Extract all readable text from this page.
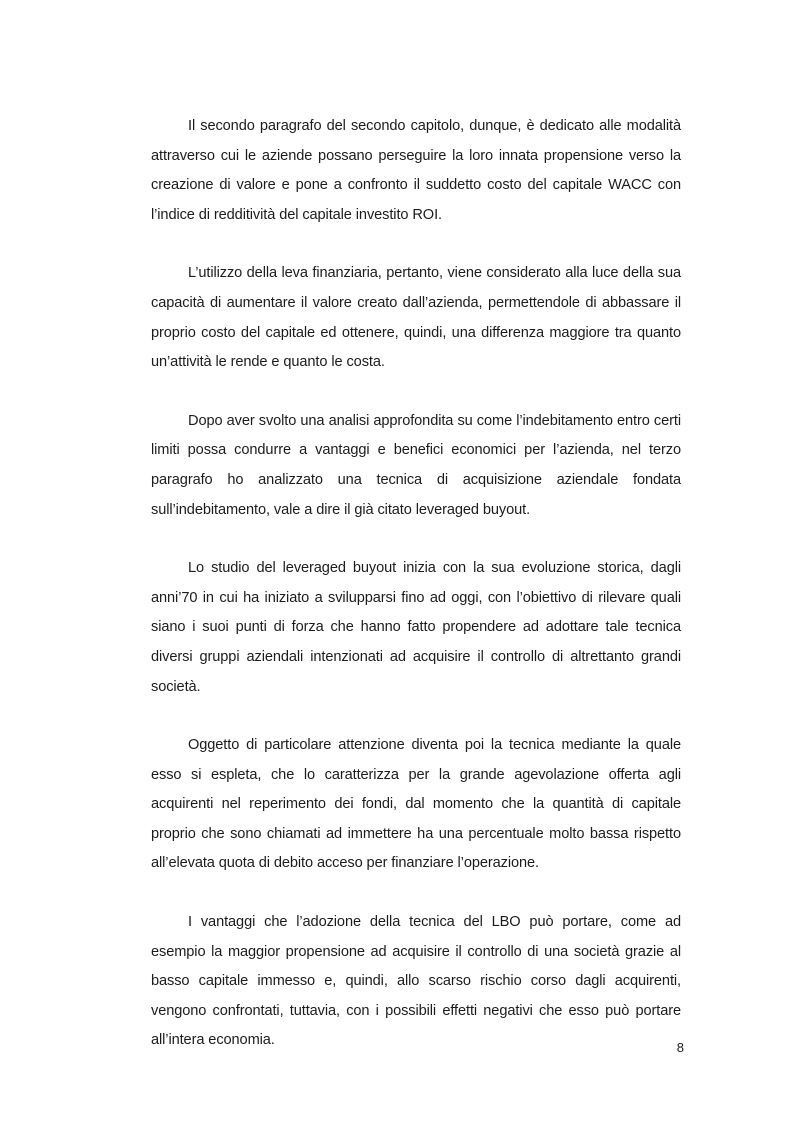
Il secondo paragrafo del secondo capitolo, dunque, è dedicato alle modalità attraverso cui le aziende possano perseguire la loro innata propensione verso la creazione di valore e pone a confronto il suddetto costo del capitale WACC con l’indice di redditività del capitale investito ROI.

L’utilizzo della leva finanziaria, pertanto, viene considerato alla luce della sua capacità di aumentare il valore creato dall’azienda, permettendole di abbassare il proprio costo del capitale ed ottenere, quindi, una differenza maggiore tra quanto un’attività le rende e quanto le costa.

Dopo aver svolto una analisi approfondita su come l’indebitamento entro certi limiti possa condurre a vantaggi e benefici economici per l’azienda, nel terzo paragrafo ho analizzato una tecnica di acquisizione aziendale fondata sull’indebitamento, vale a dire il già citato leveraged buyout.

Lo studio del leveraged buyout inizia con la sua evoluzione storica, dagli anni’70 in cui ha iniziato a svilupparsi fino ad oggi, con l’obiettivo di rilevare quali siano i suoi punti di forza che hanno fatto propendere ad adottare tale tecnica diversi gruppi aziendali intenzionati ad acquisire il controllo di altrettanto grandi società.

Oggetto di particolare attenzione diventa poi la tecnica mediante la quale esso si espleta, che lo caratterizza per la grande agevolazione offerta agli acquirenti nel reperimento dei fondi, dal momento che la quantità di capitale proprio che sono chiamati ad immettere ha una percentuale molto bassa rispetto all’elevata quota di debito acceso per finanziare l’operazione.

I vantaggi che l’adozione della tecnica del LBO può portare, come ad esempio la maggior propensione ad acquisire il controllo di una società grazie al basso capitale immesso e, quindi, allo scarso rischio corso dagli acquirenti, vengono confrontati, tuttavia, con i possibili effetti negativi che esso può portare all’intera economia.	8
